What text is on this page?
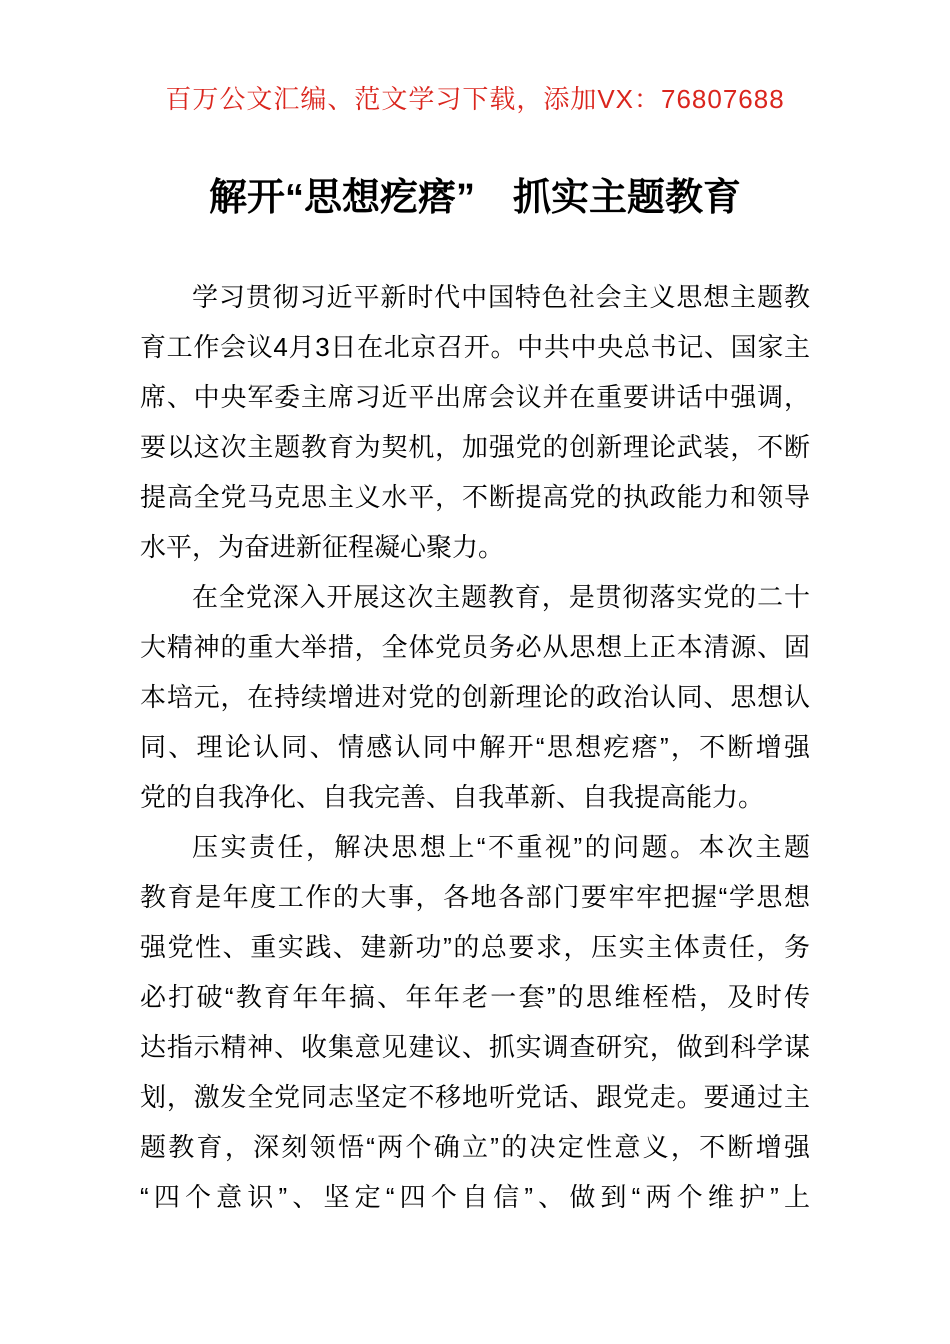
百万公文汇编、范文学习下载，添加VX：76807688
解开“思想疙瘩”　抓实主题教育
学习贯彻习近平新时代中国特色社会主义思想主题教
育工作会议4月3日在北京召开。中共中央总书记、国家主
席、中央军委主席习近平出席会议并在重要讲话中强调，
要以这次主题教育为契机，加强党的创新理论武装，不断
提高全党马克思主义水平，不断提高党的执政能力和领导
水平，为奋进新征程凝心聚力。
在全党深入开展这次主题教育，是贯彻落实党的二十
大精神的重大举措，全体党员务必从思想上正本清源、固
本培元，在持续增进对党的创新理论的政治认同、思想认
同、理论认同、情感认同中解开“思想疙瘩”，不断增强
党的自我净化、自我完善、自我革新、自我提高能力。
压实责任，解决思想上“不重视”的问题。本次主题
教育是年度工作的大事，各地各部门要牢牢把握“学思想
强党性、重实践、建新功”的总要求，压实主体责任，务
必打破“教育年年搞、年年老一套”的思维桎梏，及时传
达指示精神、收集意见建议、抓实调查研究，做到科学谋
划，激发全党同志坚定不移地听党话、跟党走。要通过主
题教育，深刻领悟“两个确立”的决定性意义，不断增强
“四个意识”、坚定“四个自信”、做到“两个维护”上
